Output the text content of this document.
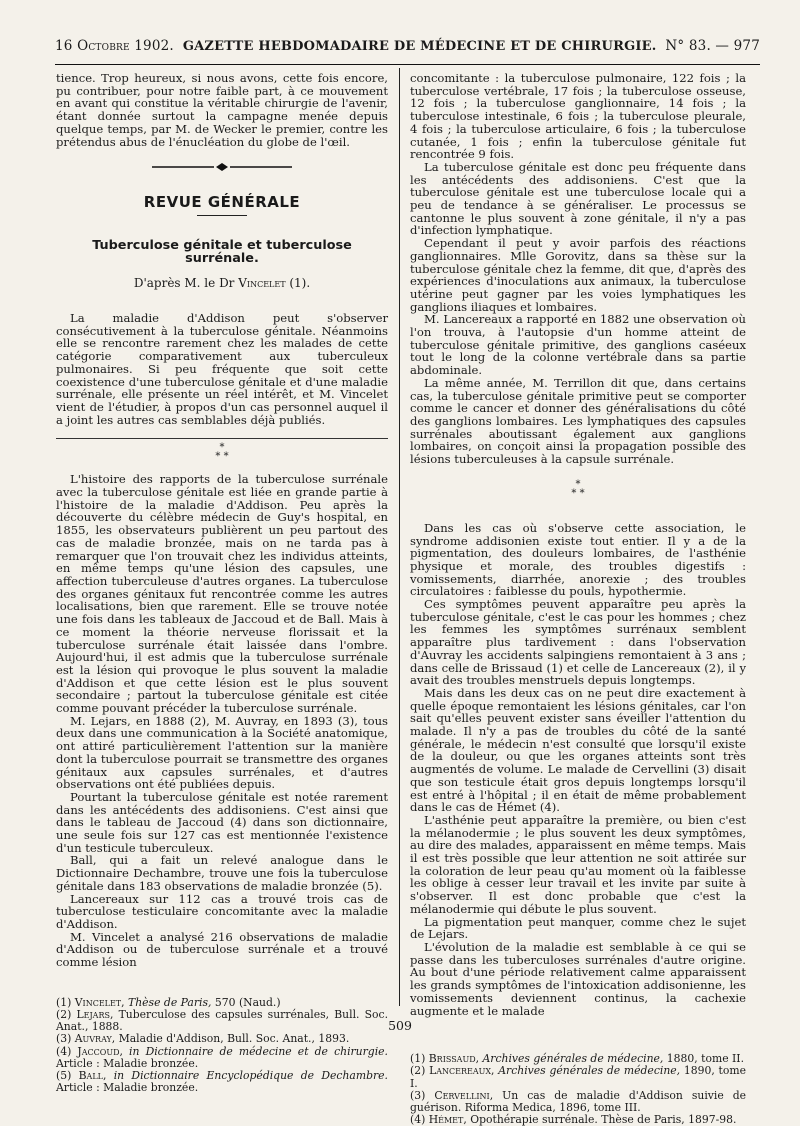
16 Octobre 1902. GAZETTE HEBDOMADAIRE DE MÉDECINE ET DE CHIRURGIE. N° 83. — 977

tience. Trop heureux, si nous avons, cette fois encore, pu contribuer, pour notre faible part, à ce mouvement en avant qui constitue la véritable chirurgie de l'avenir, étant donnée surtout la campagne menée depuis quelque temps, par M. de Wecker le premier, contre les prétendus abus de l'énucléation du globe de l'œil.

REVUE GÉNÉRALE
Tuberculose génitale et tuberculose surrénale.
D'après M. le Dr Vincelet (1).

La maladie d'Addison peut s'observer consécutivement à la tuberculose génitale. Néanmoins elle se rencontre rarement chez les malades de cette catégorie comparativement aux tuberculeux pulmonaires. Si peu fréquente que soit cette coexistence d'une tuberculose génitale et d'une maladie surrénale, elle présente un réel intérêt, et M. Vincelet vient de l'étudier, à propos d'un cas personnel auquel il a joint les autres cas semblables déjà publiés.

*
* *

L'histoire des rapports de la tuberculose surrénale avec la tuberculose génitale est liée en grande partie à l'histoire de la maladie d'Addison. Peu après la découverte du célèbre médecin de Guy's hospital, en 1855, les observateurs publièrent un peu partout des cas de maladie bronzée, mais on ne tarda pas à remarquer que l'on trouvait chez les individus atteints, en même temps qu'une lésion des capsules, une affection tuberculeuse d'autres organes. La tuberculose des organes génitaux fut rencontrée comme les autres localisations, bien que rarement. Elle se trouve notée une fois dans les tableaux de Jaccoud et de Ball. Mais à ce moment la théorie nerveuse florissait et la tuberculose surrénale était laissée dans l'ombre. Aujourd'hui, il est admis que la tuberculose surrénale est la lésion qui provoque le plus souvent la maladie d'Addison et que cette lésion est le plus souvent secondaire ; partout la tuberculose génitale est citée comme pouvant précéder la tuberculose surrénale.

M. Lejars, en 1888 (2), M. Auvray, en 1893 (3), tous deux dans une communication à la Société anatomique, ont attiré particulièrement l'attention sur la manière dont la tuberculose pourrait se transmettre des organes génitaux aux capsules surrénales, et d'autres observations ont été publiées depuis.

Pourtant la tuberculose génitale est notée rarement dans les antécédents des addisoniens. C'est ainsi que dans le tableau de Jaccoud (4) dans son dictionnaire, une seule fois sur 127 cas est mentionnée l'existence d'un testicule tuberculeux.

Ball, qui a fait un relevé analogue dans le Dictionnaire Dechambre, trouve une fois la tuberculose génitale dans 183 observations de maladie bronzée (5).

Lancereaux sur 112 cas a trouvé trois cas de tuberculose testiculaire concomitante avec la maladie d'Addison.

M. Vincelet a analysé 216 observations de maladie d'Addison ou de tuberculose surrénale et a trouvé comme lésion

(1) Vincelet, Thèse de Paris, 570 (Naud.)

(2) Lejars, Tuberculose des capsules surrénales, Bull. Soc. Anat., 1888.

(3) Auvray, Maladie d'Addison, Bull. Soc. Anat., 1893.

(4) Jaccoud, in Dictionnaire de médecine et de chirurgie. Article : Maladie bronzée.

(5) Ball, in Dictionnaire Encyclopédique de Dechambre. Article : Maladie bronzée.

concomitante : la tuberculose pulmonaire, 122 fois ; la tuberculose vertébrale, 17 fois ; la tuberculose osseuse, 12 fois ; la tuberculose ganglionnaire, 14 fois ; la tuberculose intestinale, 6 fois ; la tuberculose pleurale, 4 fois ; la tuberculose articulaire, 6 fois ; la tuberculose cutanée, 1 fois ; enfin la tuberculose génitale fut rencontrée 9 fois.

La tuberculose génitale est donc peu fréquente dans les antécédents des addisoniens. C'est que la tuberculose génitale est une tuberculose locale qui a peu de tendance à se généraliser. Le processus se cantonne le plus souvent à zone génitale, il n'y a pas d'infection lymphatique.

Cependant il peut y avoir parfois des réactions ganglionnaires. Mlle Gorovitz, dans sa thèse sur la tuberculose génitale chez la femme, dit que, d'après des expériences d'inoculations aux animaux, la tuberculose utérine peut gagner par les voies lymphatiques les ganglions iliaques et lombaires.

M. Lancereaux a rapporté en 1882 une observation où l'on trouva, à l'autopsie d'un homme atteint de tuberculose génitale primitive, des ganglions caséeux tout le long de la colonne vertébrale dans sa partie abdominale.

La même année, M. Terrillon dit que, dans certains cas, la tuberculose génitale primitive peut se comporter comme le cancer et donner des généralisations du côté des ganglions lombaires. Les lymphatiques des capsules surrénales aboutissant également aux ganglions lombaires, on conçoit ainsi la propagation possible des lésions tuberculeuses à la capsule surrénale.

*
* *

Dans les cas où s'observe cette association, le syndrome addisonien existe tout entier. Il y a de la pigmentation, des douleurs lombaires, de l'asthénie physique et morale, des troubles digestifs : vomissements, diarrhée, anorexie ; des troubles circulatoires : faiblesse du pouls, hypothermie.

Ces symptômes peuvent apparaître peu après la tuberculose génitale, c'est le cas pour les hommes ; chez les femmes les symptômes surrénaux semblent apparaître plus tardivement : dans l'observation d'Auvray les accidents salpingiens remontaient à 3 ans ; dans celle de Brissaud (1) et celle de Lancereaux (2), il y avait des troubles menstruels depuis longtemps.

Mais dans les deux cas on ne peut dire exactement à quelle époque remontaient les lésions génitales, car l'on sait qu'elles peuvent exister sans éveiller l'attention du malade. Il n'y a pas de troubles du côté de la santé générale, le médecin n'est consulté que lorsqu'il existe de la douleur, ou que les organes atteints sont très augmentés de volume. Le malade de Cervellini (3) disait que son testicule était gros depuis longtemps lorsqu'il est entré à l'hôpital ; il en était de même probablement dans le cas de Hémet (4).

L'asthénie peut apparaître la première, ou bien c'est la mélanodermie ; le plus souvent les deux symptômes, au dire des malades, apparaissent en même temps. Mais il est très possible que leur attention ne soit attirée sur la coloration de leur peau qu'au moment où la faiblesse les oblige à cesser leur travail et les invite par suite à s'observer. Il est donc probable que c'est la mélanodermie qui débute le plus souvent.

La pigmentation peut manquer, comme chez le sujet de Lejars.

L'évolution de la maladie est semblable à ce qui se passe dans les tuberculoses surrénales d'autre origine. Au bout d'une période relativement calme apparaissent les grands symptômes de l'intoxication addisonienne, les vomissements deviennent continus, la cachexie augmente et le malade

(1) Brissaud, Archives générales de médecine, 1880, tome II.

(2) Lancereaux, Archives générales de médecine, 1890, tome I.

(3) Cervellini, Un cas de maladie d'Addison suivie de guérison. Riforma Medica, 1896, tome III.

(4) Hémet, Opothérapie surrénale. Thèse de Paris, 1897-98.

509
